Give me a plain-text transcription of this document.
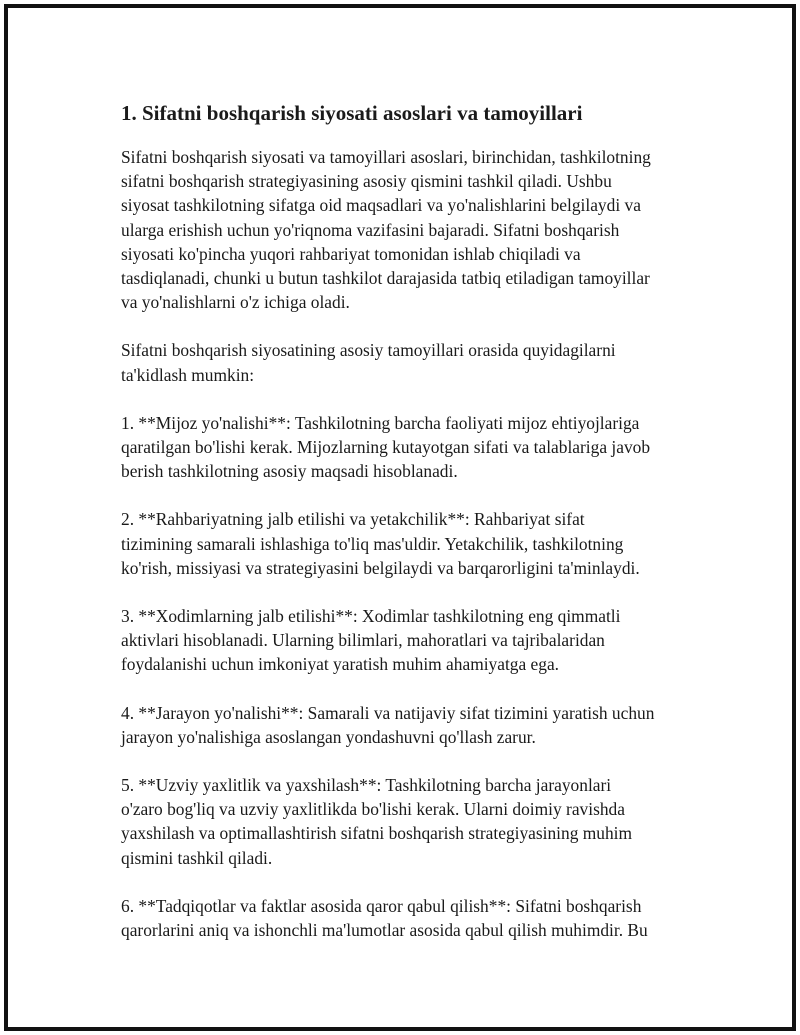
1. Sifatni boshqarish siyosati asoslari va tamoyillari

Sifatni boshqarish siyosati va tamoyillari asoslari, birinchidan, tashkilotning
sifatni boshqarish strategiyasining asosiy qismini tashkil qiladi. Ushbu
siyosat tashkilotning sifatga oid maqsadlari va yo'nalishlarini belgilaydi va
ularga erishish uchun yo'riqnoma vazifasini bajaradi. Sifatni boshqarish
siyosati ko'pincha yuqori rahbariyat tomonidan ishlab chiqiladi va
tasdiqlanadi, chunki u butun tashkilot darajasida tatbiq etiladigan tamoyillar
va yo'nalishlarni o'z ichiga oladi.

Sifatni boshqarish siyosatining asosiy tamoyillari orasida quyidagilarni
ta'kidlash mumkin:

1. **Mijoz yo'nalishi**: Tashkilotning barcha faoliyati mijoz ehtiyojlariga
qaratilgan bo'lishi kerak. Mijozlarning kutayotgan sifati va talablariga javob
berish tashkilotning asosiy maqsadi hisoblanadi.

2. **Rahbariyatning jalb etilishi va yetakchilik**: Rahbariyat sifat
tizimining samarali ishlashiga to'liq mas'uldir. Yetakchilik, tashkilotning
ko'rish, missiyasi va strategiyasini belgilaydi va barqarorligini ta'minlaydi.

3. **Xodimlarning jalb etilishi**: Xodimlar tashkilotning eng qimmatli
aktivlari hisoblanadi. Ularning bilimlari, mahoratlari va tajribalaridan
foydalanishi uchun imkoniyat yaratish muhim ahamiyatga ega.

4. **Jarayon yo'nalishi**: Samarali va natijaviy sifat tizimini yaratish uchun
jarayon yo'nalishiga asoslangan yondashuvni qo'llash zarur.

5. **Uzviy yaxlitlik va yaxshilash**: Tashkilotning barcha jarayonlari
o'zaro bog'liq va uzviy yaxlitlikda bo'lishi kerak. Ularni doimiy ravishda
yaxshilash va optimallashtirish sifatni boshqarish strategiyasining muhim
qismini tashkil qiladi.

6. **Tadqiqotlar va faktlar asosida qaror qabul qilish**: Sifatni boshqarish
qarorlarini aniq va ishonchli ma'lumotlar asosida qabul qilish muhimdir. Bu
